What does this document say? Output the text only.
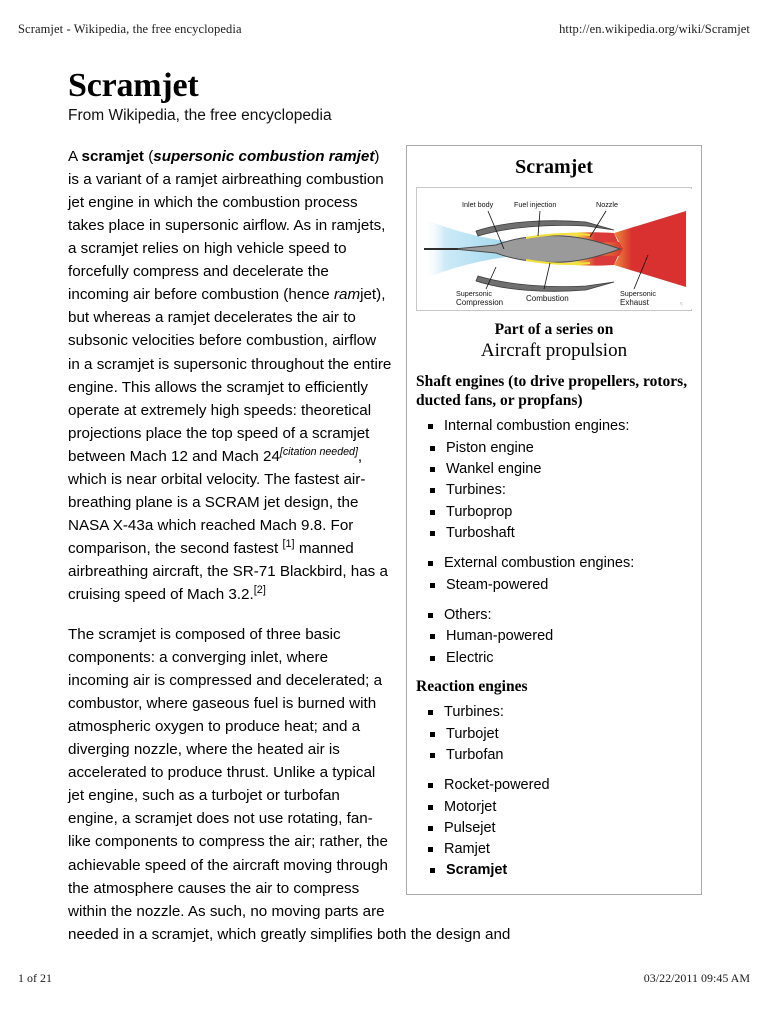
Scramjet - Wikipedia, the free encyclopedia	http://en.wikipedia.org/wiki/Scramjet
Scramjet
From Wikipedia, the free encyclopedia
Scramjet
Inlet body	Fuel injection	Nozzle
Supersonic
Compression	Combustion
Supersonic
Exhaust	ʸⱼ
Part of a series on
Aircraft propulsion
Shaft engines (to drive propellers, rotors, ducted fans, or propfans)
Internal combustion engines:
Piston engine
Wankel engine
Turbines:
Turboprop
Turboshaft
External combustion engines:
Steam-powered
Others:
Human-powered
Electric
Reaction engines
Turbines:
Turbojet
Turbofan
Rocket-powered
Motorjet
Pulsejet
Ramjet
Scramjet

A scramjet (supersonic combustion ramjet) is a variant of a ramjet airbreathing combustion jet engine in which the combustion process takes place in supersonic airflow. As in ramjets, a scramjet relies on high vehicle speed to forcefully compress and decelerate the incoming air before combustion (hence ramjet), but whereas a ramjet decelerates the air to subsonic velocities before combustion, airflow in a scramjet is supersonic throughout the entire engine. This allows the scramjet to efficiently operate at extremely high speeds: theoretical projections place the top speed of a scramjet between Mach 12 and Mach 24[citation needed], which is near orbital velocity. The fastest air-breathing plane is a SCRAM jet design, the NASA X-43a which reached Mach 9.8. For comparison, the second fastest [1] manned airbreathing aircraft, the SR-71 Blackbird, has a cruising speed of Mach 3.2.[2]

The scramjet is composed of three basic components: a converging inlet, where incoming air is compressed and decelerated; a combustor, where gaseous fuel is burned with atmospheric oxygen to produce heat; and a diverging nozzle, where the heated air is accelerated to produce thrust. Unlike a typical jet engine, such as a turbojet or turbofan engine, a scramjet does not use rotating, fan-like components to compress the air; rather, the achievable speed of the aircraft moving through the atmosphere causes the air to compress within the nozzle. As such, no moving parts are needed in a scramjet, which greatly simplifies both the design and

1 of 21	03/22/2011 09:45 AM
